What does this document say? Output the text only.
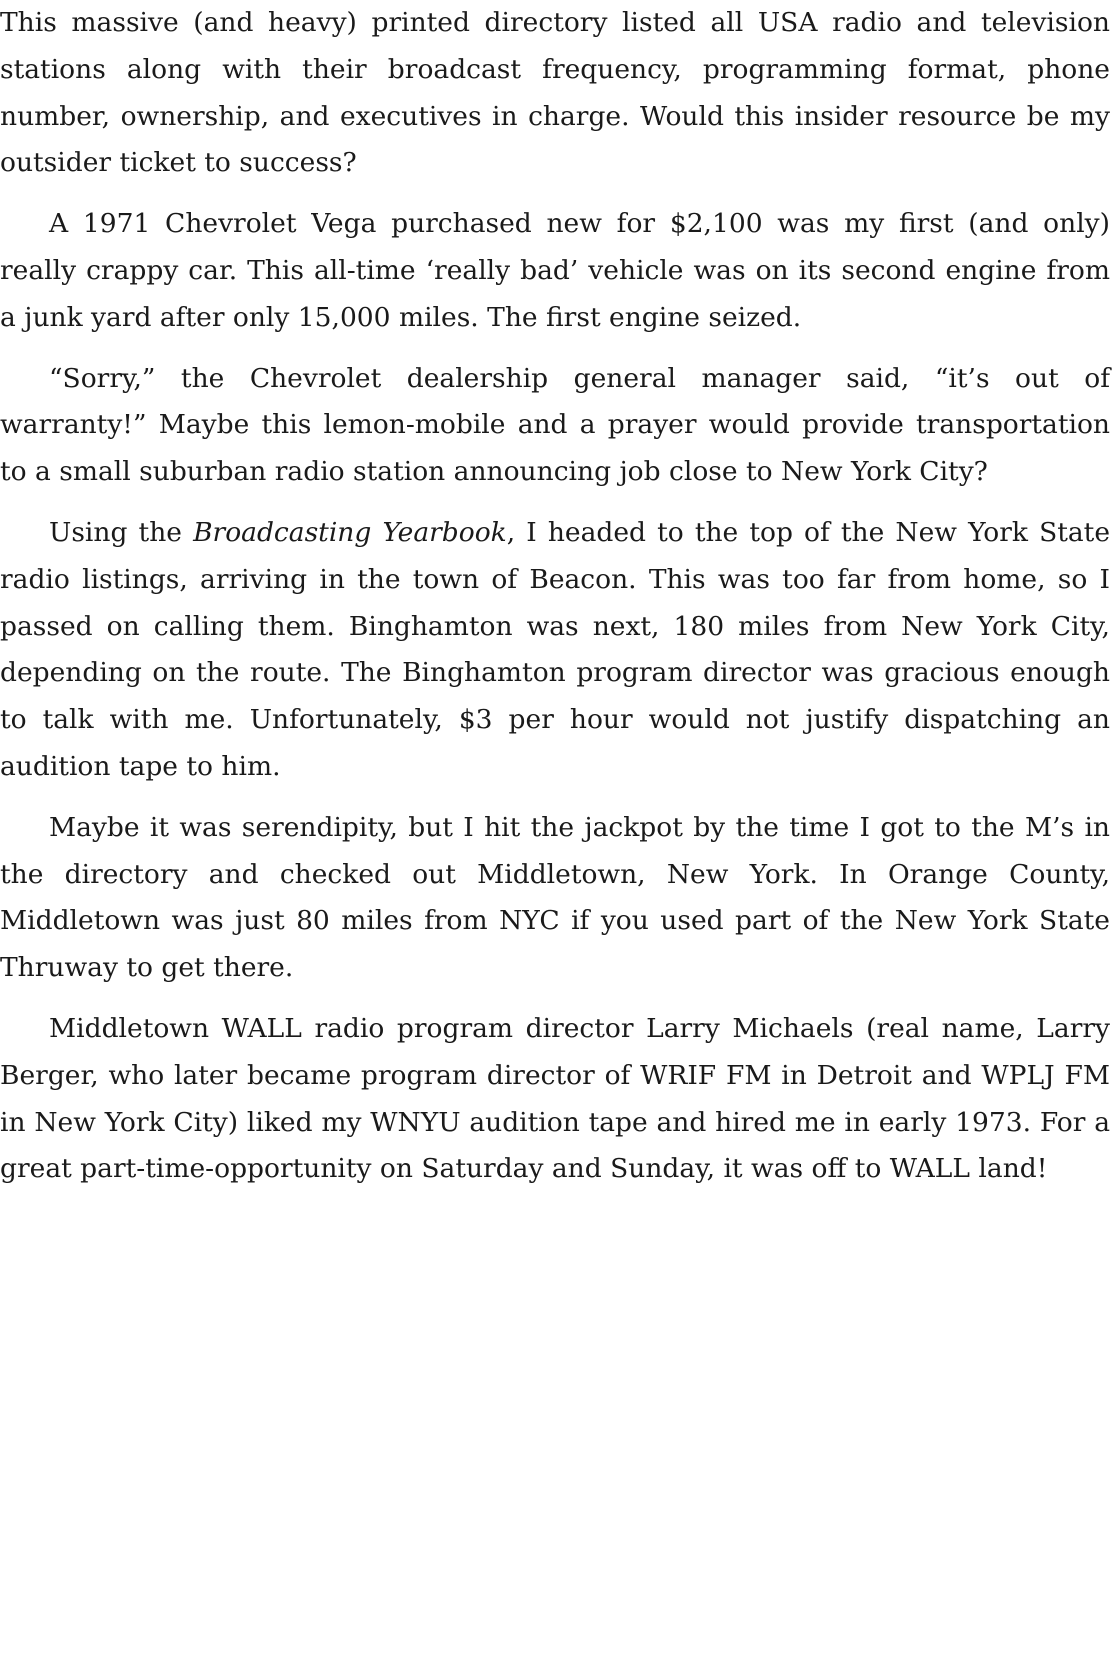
This massive (and heavy) printed directory listed all USA radio and television stations along with their broadcast frequency, programming format, phone number, ownership, and executives in charge. Would this insider resource be my outsider ticket to success?

A 1971 Chevrolet Vega purchased new for $2,100 was my first (and only) really crappy car. This all-time ‘really bad’ vehicle was on its second engine from a junk yard after only 15,000 miles. The first engine seized.

“Sorry,” the Chevrolet dealership general manager said, “it’s out of warranty!” Maybe this lemon-mobile and a prayer would provide transportation to a small suburban radio station announcing job close to New York City?

Using the Broadcasting Yearbook, I headed to the top of the New York State radio listings, arriving in the town of Beacon. This was too far from home, so I passed on calling them. Binghamton was next, 180 miles from New York City, depending on the route. The Binghamton program director was gracious enough to talk with me. Unfortunately, $3 per hour would not justify dispatching an audition tape to him.

Maybe it was serendipity, but I hit the jackpot by the time I got to the M’s in the directory and checked out Middletown, New York. In Orange County, Middletown was just 80 miles from NYC if you used part of the New York State Thruway to get there.

Middletown WALL radio program director Larry Michaels (real name, Larry Berger, who later became program director of WRIF FM in Detroit and WPLJ FM in New York City) liked my WNYU audition tape and hired me in early 1973. For a great part-time-opportunity on Saturday and Sunday, it was off to WALL land!
